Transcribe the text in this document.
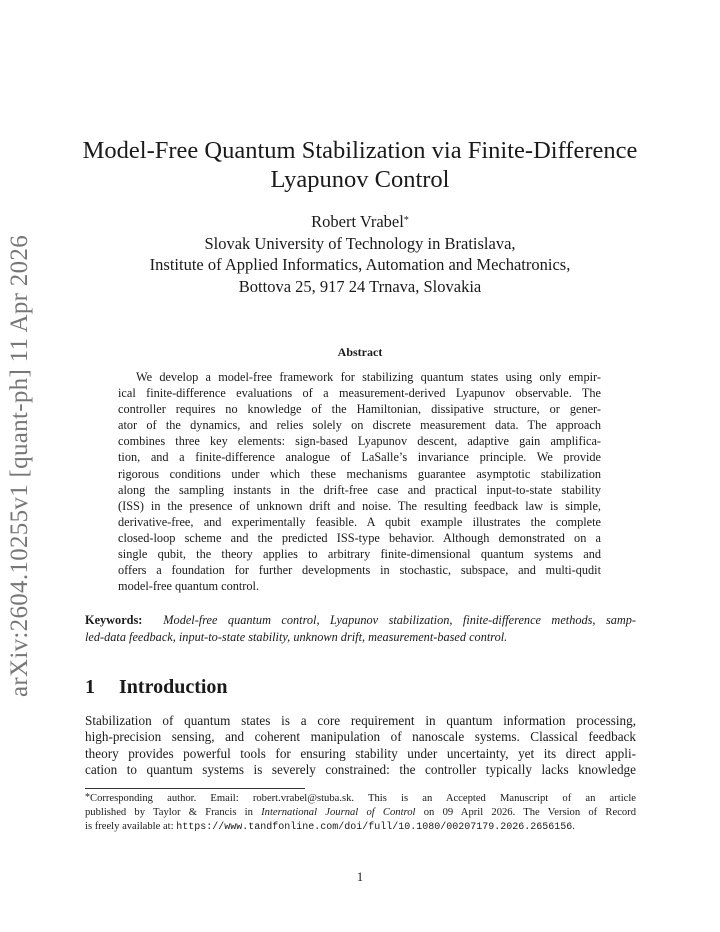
arXiv:2604.10255v1 [quant-ph] 11 Apr 2026
Model-Free Quantum Stabilization via Finite-Difference
Lyapunov Control
Robert Vrabel*
Slovak University of Technology in Bratislava,
Institute of Applied Informatics, Automation and Mechatronics,
Bottova 25, 917 24 Trnava, Slovakia
Abstract
We develop a model-free framework for stabilizing quantum states using only empir-
ical finite-difference evaluations of a measurement-derived Lyapunov observable. The
controller requires no knowledge of the Hamiltonian, dissipative structure, or gener-
ator of the dynamics, and relies solely on discrete measurement data. The approach
combines three key elements: sign-based Lyapunov descent, adaptive gain amplifica-
tion, and a finite-difference analogue of LaSalle’s invariance principle. We provide
rigorous conditions under which these mechanisms guarantee asymptotic stabilization
along the sampling instants in the drift-free case and practical input-to-state stability
(ISS) in the presence of unknown drift and noise. The resulting feedback law is simple,
derivative-free, and experimentally feasible. A qubit example illustrates the complete
closed-loop scheme and the predicted ISS-type behavior. Although demonstrated on a
single qubit, the theory applies to arbitrary finite-dimensional quantum systems and
offers a foundation for further developments in stochastic, subspace, and multi-qudit
model-free quantum control.
Keywords: Model-free quantum control, Lyapunov stabilization, finite-difference methods, samp-
led-data feedback, input-to-state stability, unknown drift, measurement-based control.
1 Introduction
Stabilization of quantum states is a core requirement in quantum information processing,
high-precision sensing, and coherent manipulation of nanoscale systems. Classical feedback
theory provides powerful tools for ensuring stability under uncertainty, yet its direct appli-
cation to quantum systems is severely constrained: the controller typically lacks knowledge
*Corresponding author. Email: robert.vrabel@stuba.sk. This is an Accepted Manuscript of an article
published by Taylor & Francis in International Journal of Control on 09 April 2026. The Version of Record
is freely available at: https://www.tandfonline.com/doi/full/10.1080/00207179.2026.2656156.
1
